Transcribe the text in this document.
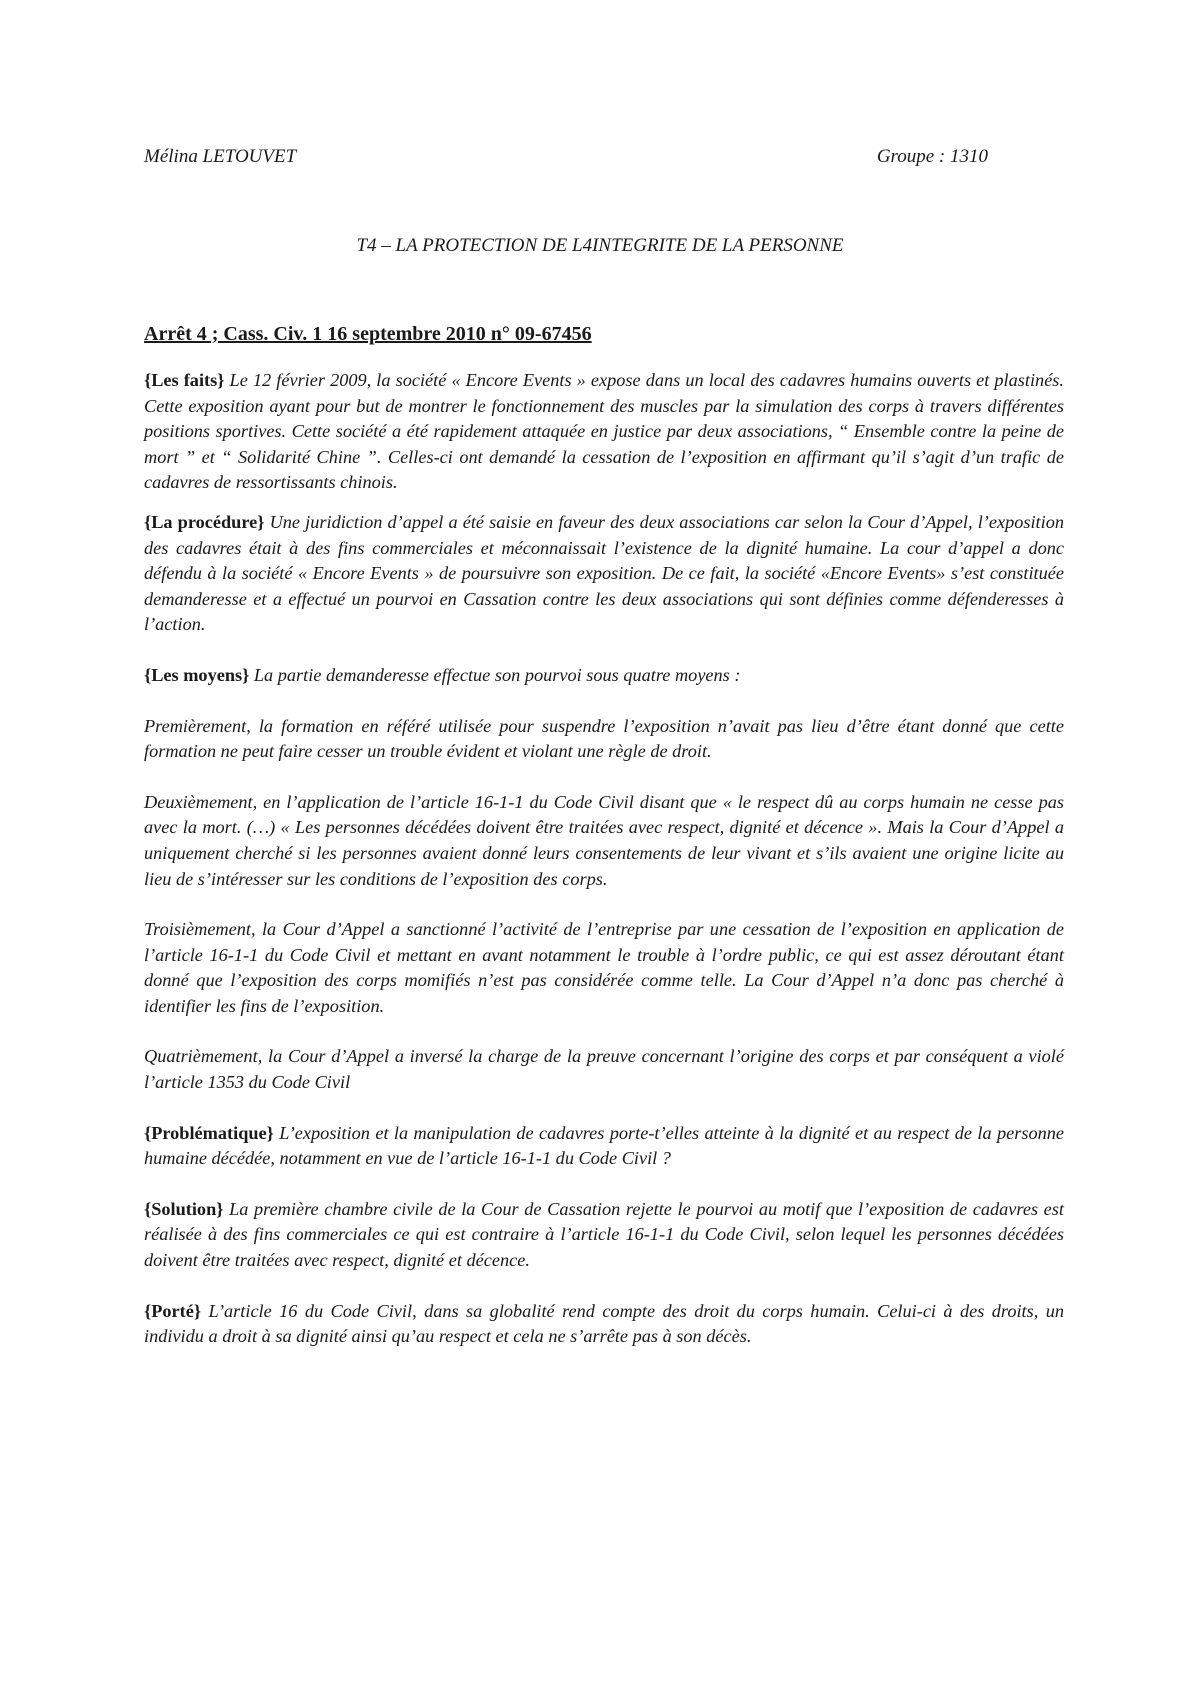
Mélina LETOUVET	Groupe : 1310
T4 – LA PROTECTION DE L4INTEGRITE DE LA PERSONNE
Arrêt 4 ; Cass. Civ. 1 16 septembre 2010 n° 09-67456

{Les faits} Le 12 février 2009, la société « Encore Events » expose dans un local des cadavres humains ouverts et plastinés. Cette exposition ayant pour but de montrer le fonctionnement des muscles par la simulation des corps à travers différentes positions sportives. Cette société a été rapidement attaquée en justice par deux associations, “ Ensemble contre la peine de mort ” et “ Solidarité Chine ”. Celles-ci ont demandé la cessation de l’exposition en affirmant qu’il s’agit d’un trafic de cadavres de ressortissants chinois.

{La procédure} Une juridiction d’appel a été saisie en faveur des deux associations car selon la Cour d’Appel, l’exposition des cadavres était à des fins commerciales et méconnaissait l’existence de la dignité humaine. La cour d’appel a donc défendu à la société « Encore Events » de poursuivre son exposition. De ce fait, la société «Encore Events» s’est constituée demanderesse et a effectué un pourvoi en Cassation contre les deux associations qui sont définies comme défenderesses à l’action.

{Les moyens} La partie demanderesse effectue son pourvoi sous quatre moyens :

Premièrement, la formation en référé utilisée pour suspendre l’exposition n’avait pas lieu d’être étant donné que cette formation ne peut faire cesser un trouble évident et violant une règle de droit.

Deuxièmement, en l’application de l’article 16-1-1 du Code Civil disant que « le respect dû au corps humain ne cesse pas avec la mort. (…) « Les personnes décédées doivent être traitées avec respect, dignité et décence ». Mais la Cour d’Appel a uniquement cherché si les personnes avaient donné leurs consentements de leur vivant et s’ils avaient une origine licite au lieu de s’intéresser sur les conditions de l’exposition des corps.

Troisièmement, la Cour d’Appel a sanctionné l’activité de l’entreprise par une cessation de l’exposition en application de l’article 16-1-1 du Code Civil et mettant en avant notamment le trouble à l’ordre public, ce qui est assez déroutant étant donné que l’exposition des corps momifiés n’est pas considérée comme telle. La Cour d’Appel n’a donc pas cherché à identifier les fins de l’exposition.

Quatrièmement, la Cour d’Appel a inversé la charge de la preuve concernant l’origine des corps et par conséquent a violé l’article 1353 du Code Civil

{Problématique} L’exposition et la manipulation de cadavres porte-t’elles atteinte à la dignité et au respect de la personne humaine décédée, notamment en vue de l’article 16-1-1 du Code Civil ?

{Solution} La première chambre civile de la Cour de Cassation rejette le pourvoi au motif que l’exposition de cadavres est réalisée à des fins commerciales ce qui est contraire à l’article 16-1-1 du Code Civil, selon lequel les personnes décédées doivent être traitées avec respect, dignité et décence.

{Porté} L’article 16 du Code Civil, dans sa globalité rend compte des droit du corps humain. Celui-ci à des droits, un individu a droit à sa dignité ainsi qu’au respect et cela ne s’arrête pas à son décès.
